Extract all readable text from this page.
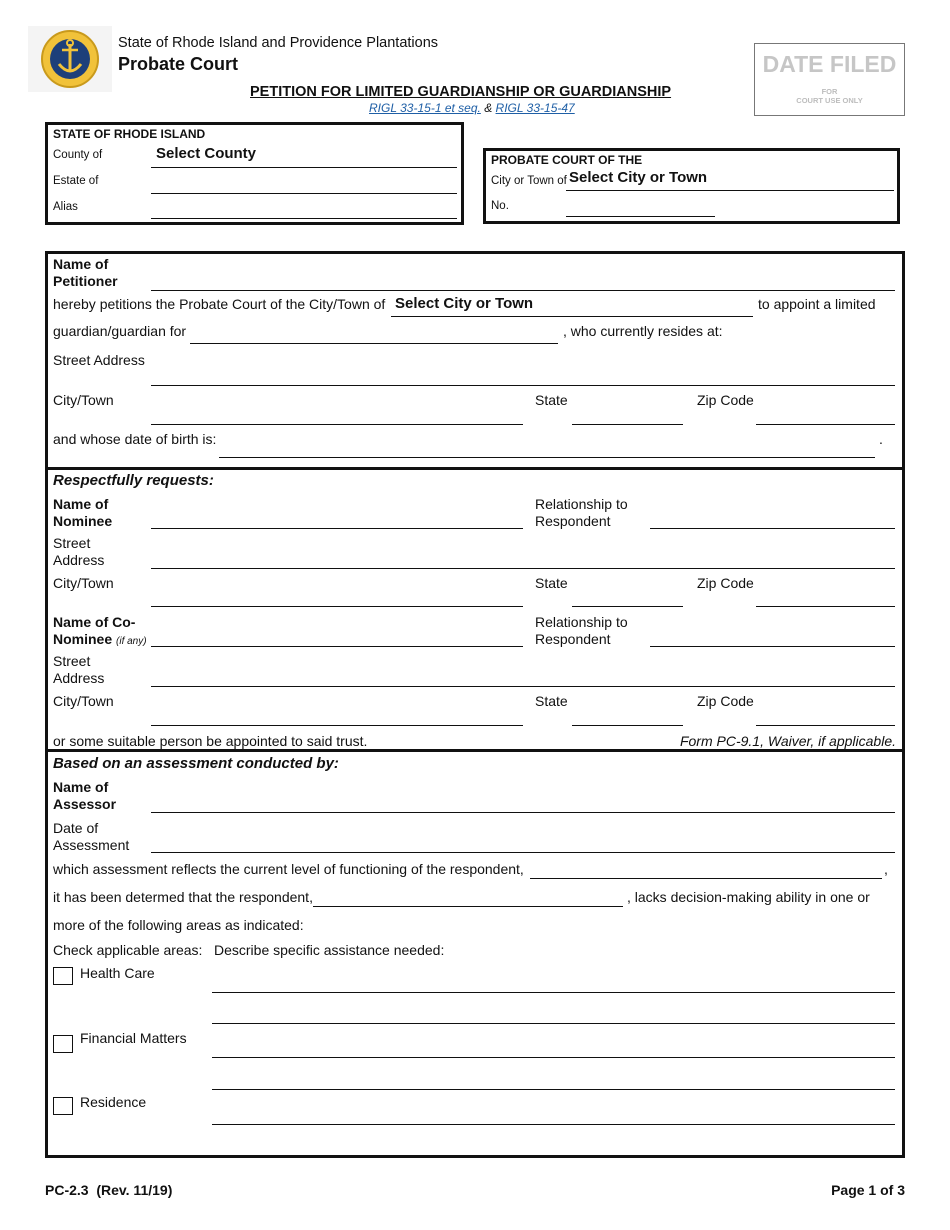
State of Rhode Island and Providence Plantations
Probate Court
PETITION FOR LIMITED GUARDIANSHIP OR GUARDIANSHIP
RIGL 33-15-1 et seq. & RIGL 33-15-47
DATE FILED
FOR
COURT USE ONLY
STATE OF RHODE ISLAND
County of	Select County
Estate of
Alias
PROBATE COURT OF THE
City or Town of Select City or Town
No.
Name of
Petitioner
hereby petitions the Probate Court of the City/Town of Select City or Town	to appoint a limited
guardian/guardian for	, who currently resides at:
Street Address
City/Town	State	Zip Code
and whose date of birth is:	.
Respectfully requests:
Name of
Nominee
Relationship to
Respondent
Street
Address
City/Town	State	Zip Code
Name of Co-
Nominee (if any)
Relationship to
Respondent
Street
Address
City/Town	State	Zip Code
or some suitable person be appointed to said trust.	Form PC-9.1, Waiver, if applicable.
Based on an assessment conducted by:
Name of
Assessor
Date of
Assessment
which assessment reflects the current level of functioning of the respondent,	,
it has been determed that the respondent,	, lacks decision-making ability in one or
more of the following areas as indicated:
Check applicable areas: Describe specific assistance needed:
Health Care
Financial Matters
Residence
PC-2.3  (Rev. 11/19)	Page 1 of 3
